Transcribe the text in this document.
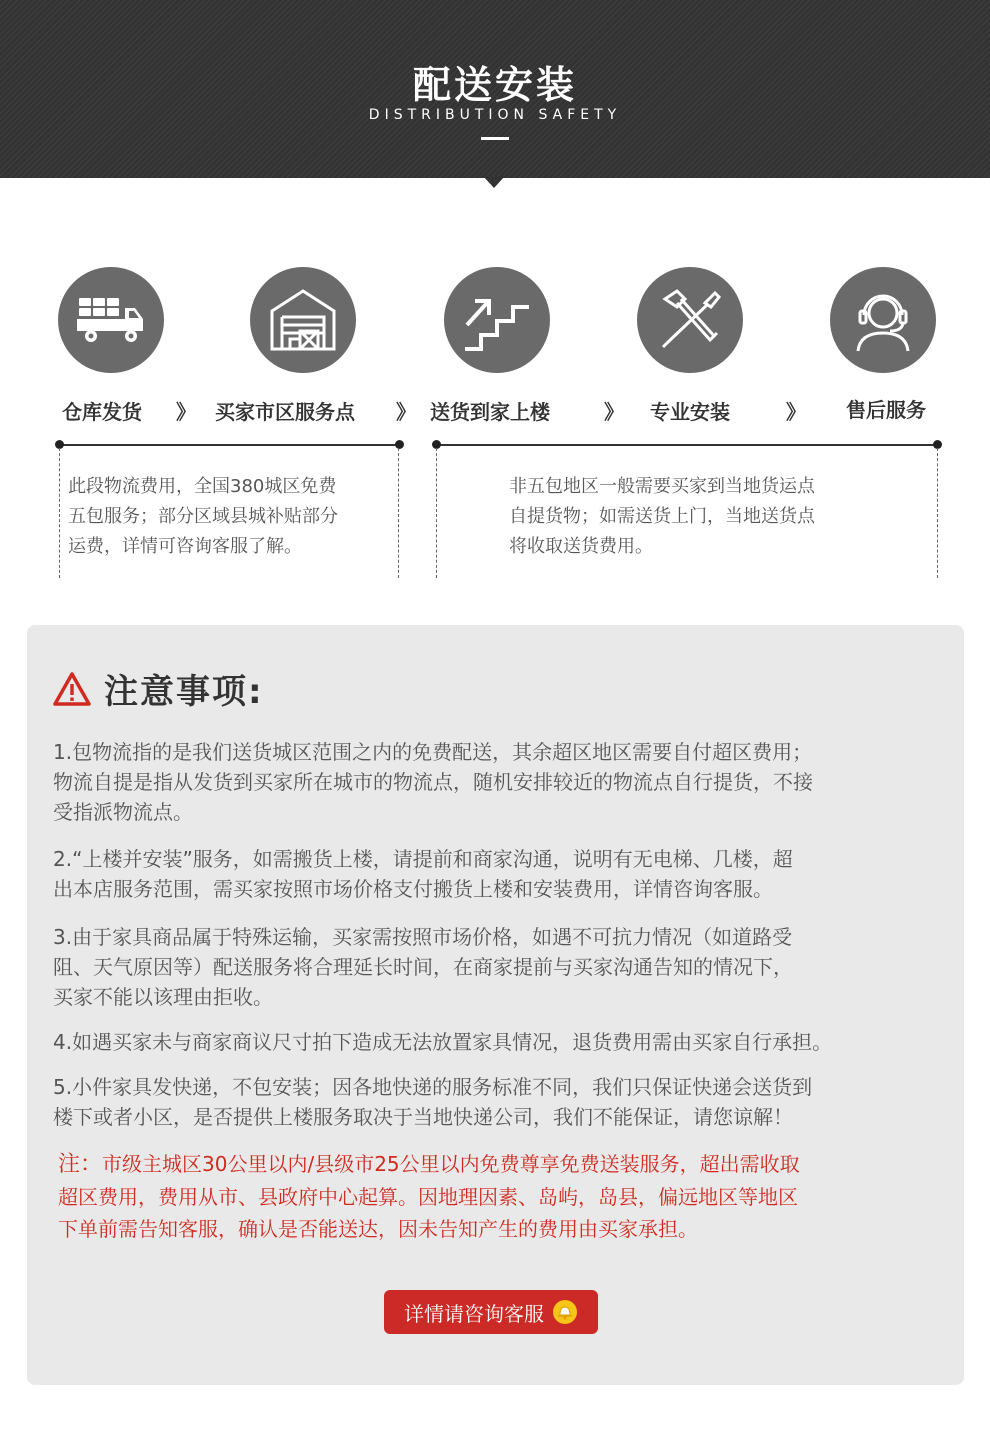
配送安装
DISTRIBUTION SAFETY
仓库发货 》 买家市区服务点 》 送货到家上楼	》 专业安装	》 售后服务
此段物流费用，全国380城区免费
五包服务；部分区域县城补贴部分
运费，详情可咨询客服了解。
非五包地区一般需要买家到当地货运点
自提货物；如需送货上门，当地送货点
将收取送货费用。
注意事项:
1.包物流指的是我们送货城区范围之内的免费配送，其余超区地区需要自付超区费用；
物流自提是指从发货到买家所在城市的物流点，随机安排较近的物流点自行提货，不接
受指派物流点。
2.“上楼并安装”服务，如需搬货上楼，请提前和商家沟通，说明有无电梯、几楼，超
出本店服务范围，需买家按照市场价格支付搬货上楼和安装费用，详情咨询客服。
3.由于家具商品属于特殊运输，买家需按照市场价格，如遇不可抗力情况（如道路受
阻、天气原因等）配送服务将合理延长时间，在商家提前与买家沟通告知的情况下，
买家不能以该理由拒收。
4.如遇买家未与商家商议尺寸拍下造成无法放置家具情况，退货费用需由买家自行承担。
5.小件家具发快递，不包安装；因各地快递的服务标准不同，我们只保证快递会送货到
楼下或者小区，是否提供上楼服务取决于当地快递公司，我们不能保证，请您谅解！
注：市级主城区30公里以内/县级市25公里以内免费尊享免费送装服务，超出需收取
超区费用，费用从市、县政府中心起算。因地理因素、岛屿，岛县，偏远地区等地区
下单前需告知客服，确认是否能送达，因未告知产生的费用由买家承担。
详情请咨询客服
